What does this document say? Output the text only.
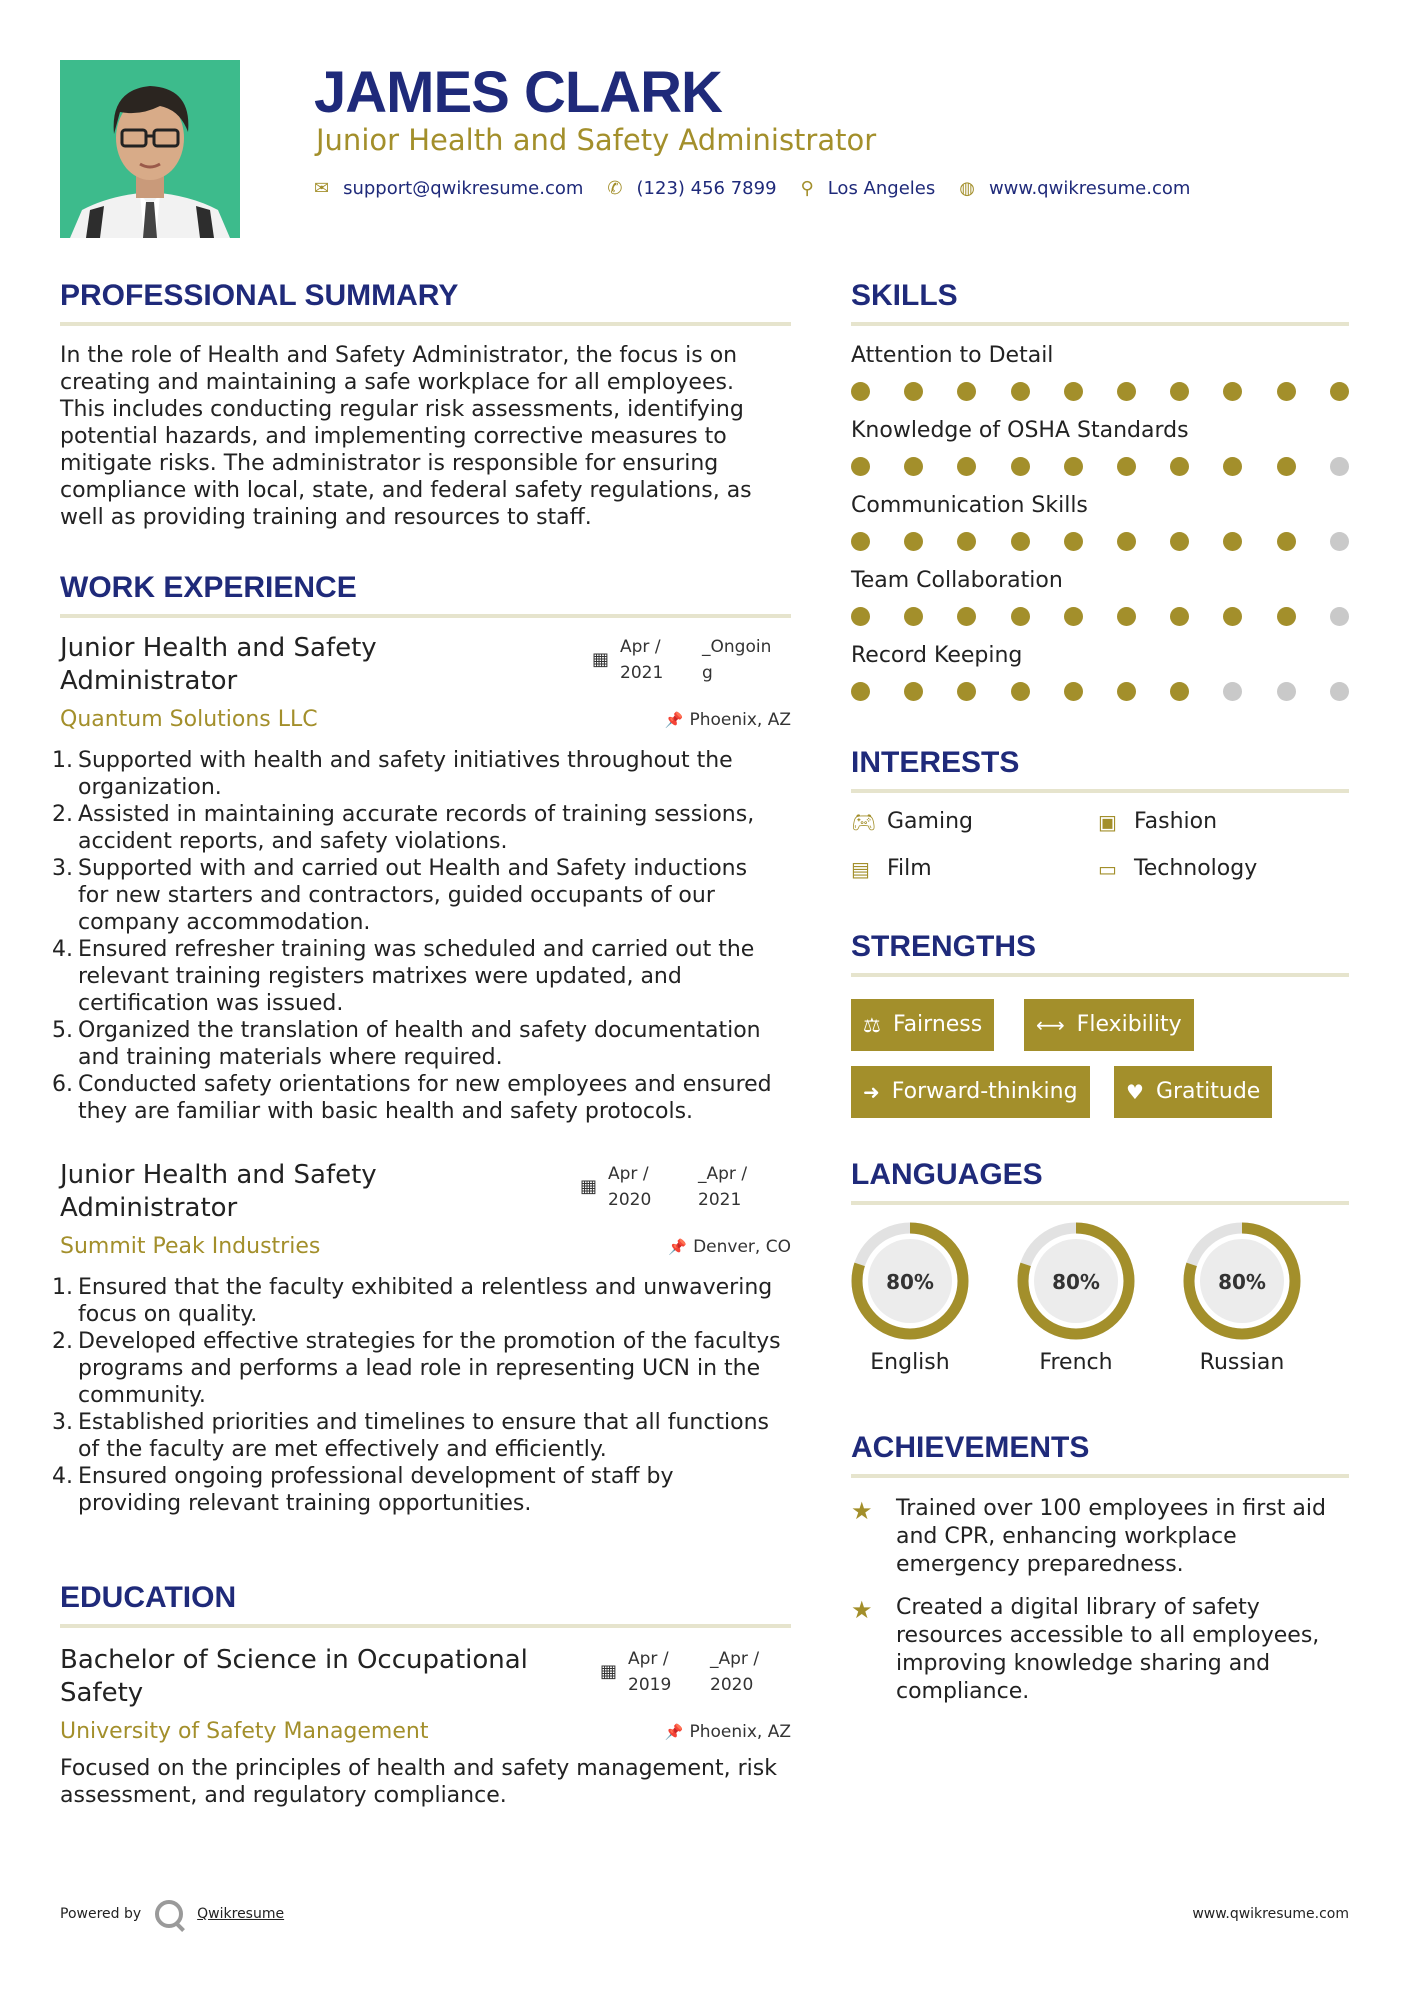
JAMES CLARK
Junior Health and Safety Administrator
✉ support@qwikresume.com ✆ (123) 456 7899 ⚲ Los Angeles ◍ www.qwikresume.com
PROFESSIONAL SUMMARY
In the role of Health and Safety Administrator, the focus is on
creating and maintaining a safe workplace for all employees.
This includes conducting regular risk assessments, identifying
potential hazards, and implementing corrective measures to
mitigate risks. The administrator is responsible for ensuring
compliance with local, state, and federal safety regulations, as
well as providing training and resources to staff.
WORK EXPERIENCE
Junior Health and Safety
Administrator
▦
Apr /
2021
_Ongoin
g
Quantum Solutions LLC	📌 Phoenix, AZ
1. Supported with health and safety initiatives throughout the
organization.
2. Assisted in maintaining accurate records of training sessions,
accident reports, and safety violations.
3. Supported with and carried out Health and Safety inductions
for new starters and contractors, guided occupants of our
company accommodation.
4. Ensured refresher training was scheduled and carried out the
relevant training registers matrixes were updated, and
certification was issued.
5. Organized the translation of health and safety documentation
and training materials where required.
6. Conducted safety orientations for new employees and ensured
they are familiar with basic health and safety protocols.
Junior Health and Safety
Administrator
▦
Apr /
2020
_Apr /
2021
Summit Peak Industries	📌 Denver, CO
1. Ensured that the faculty exhibited a relentless and unwavering
focus on quality.
2. Developed effective strategies for the promotion of the facultys
programs and performs a lead role in representing UCN in the
community.
3. Established priorities and timelines to ensure that all functions
of the faculty are met effectively and efficiently.
4. Ensured ongoing professional development of staff by
providing relevant training opportunities.
EDUCATION
Bachelor of Science in Occupational
Safety
▦
Apr /
2019
_Apr /
2020
University of Safety Management	📌 Phoenix, AZ
Focused on the principles of health and safety management, risk
assessment, and regulatory compliance.
SKILLS
Attention to Detail
Knowledge of OSHA Standards
Communication Skills
Team Collaboration
Record Keeping
INTERESTS
🎮︎ Gaming	▣ Fashion
▤ Film	▭ Technology
STRENGTHS
⚖ Fairness	⟷ Flexibility
➜ Forward-thinking ♥ Gratitude
LANGUAGES
80%
English
80%
French
80%
Russian
ACHIEVEMENTS
★ Trained over 100 employees in first aid
and CPR, enhancing workplace
emergency preparedness.
★ Created a digital library of safety
resources accessible to all employees,
improving knowledge sharing and
compliance.
Powered by	Qwikresume	www.qwikresume.com
